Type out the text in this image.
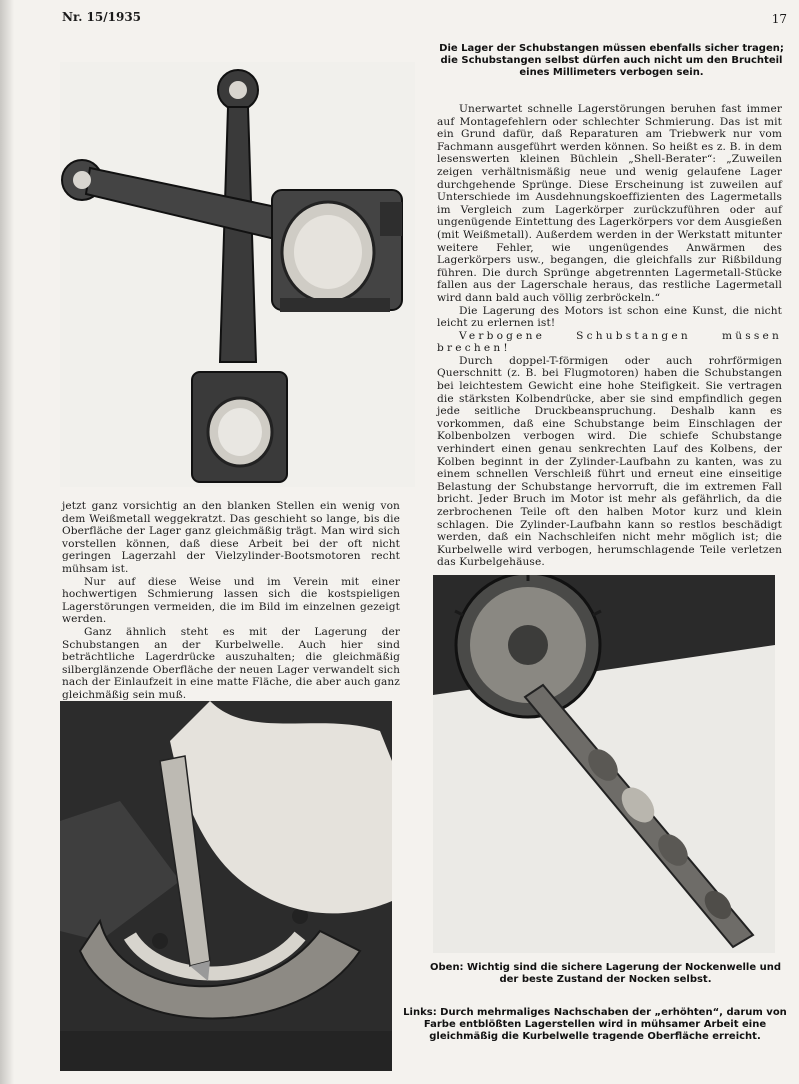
Nr. 15/1935	17
Die Lager der Schubstangen müssen ebenfalls sicher tragen; die Schubstangen selbst dürfen auch nicht um den Bruchteil eines Millimeters verbogen sein.

Unerwartet schnelle Lagerstörungen beruhen fast immer auf Montagefehlern oder schlechter Schmierung. Das ist mit ein Grund dafür, daß Reparaturen am Triebwerk nur vom Fachmann ausgeführt werden können. So heißt es z. B. in dem lesenswerten kleinen Büchlein „Shell-Berater“: „Zuweilen zeigen verhältnismäßig neue und wenig gelaufene Lager durchgehende Sprünge. Diese Erscheinung ist zuweilen auf Unterschiede im Ausdehnungskoeffizienten des Lagermetalls im Vergleich zum Lagerkörper zurückzuführen oder auf ungenügende Eintettung des Lagerkörpers vor dem Ausgießen (mit Weißmetall). Außerdem werden in der Werkstatt mitunter weitere Fehler, wie ungenügendes Anwärmen des Lagerkörpers usw., begangen, die gleichfalls zur Rißbildung führen. Die durch Sprünge abgetrennten Lagermetall-Stücke fallen aus der Lagerschale heraus, das restliche Lagermetall wird dann bald auch völlig zerbröckeln.“

Die Lagerung des Motors ist schon eine Kunst, die nicht leicht zu erlernen ist!

Verbogene Schubstangen müssen brechen!

Durch doppel-T-förmigen oder auch rohrförmigen Querschnitt (z. B. bei Flugmotoren) haben die Schubstangen bei leichtestem Gewicht eine hohe Steifigkeit. Sie vertragen die stärksten Kolbendrücke, aber sie sind empfindlich gegen jede seitliche Druckbeanspruchung. Deshalb kann es vorkommen, daß eine Schubstange beim Einschlagen der Kolbenbolzen verbogen wird. Die schiefe Schubstange verhindert einen genau senkrechten Lauf des Kolbens, der Kolben beginnt in der Zylinder-Laufbahn zu kanten, was zu einem schnellen Verschleiß führt und erneut eine einseitige Belastung der Schubstange hervorruft, die im extremen Fall bricht. Jeder Bruch im Motor ist mehr als gefährlich, da die zerbrochenen Teile oft den halben Motor kurz und klein schlagen. Die Zylinder-Laufbahn kann so restlos beschädigt werden, daß ein Nachschleifen nicht mehr möglich ist; die Kurbelwelle wird verbogen, herumschlagende Teile verletzen das Kurbelgehäuse.

jetzt ganz vorsichtig an den blanken Stellen ein wenig von dem Weißmetall weggekratzt. Das geschieht so lange, bis die Oberfläche der Lager ganz gleichmäßig trägt. Man wird sich vorstellen können, daß diese Arbeit bei der oft nicht geringen Lagerzahl der Vielzylinder-Bootsmotoren recht mühsam ist.

Nur auf diese Weise und im Verein mit einer hochwertigen Schmierung lassen sich die kostspieligen Lagerstörungen vermeiden, die im Bild im einzelnen gezeigt werden.

Ganz ähnlich steht es mit der Lagerung der Schubstangen an der Kurbelwelle. Auch hier sind beträchtliche Lagerdrücke auszuhalten; die gleichmäßig silberglänzende Oberfläche der neuen Lager verwandelt sich nach der Einlaufzeit in eine matte Fläche, die aber auch ganz gleichmäßig sein muß.

Oben: Wichtig sind die sichere Lagerung der Nockenwelle und der beste Zustand der Nocken selbst.
Links: Durch mehrmaliges Nachschaben der „erhöhten“, darum von Farbe entblößten Lagerstellen wird in mühsamer Arbeit eine gleichmäßig die Kurbelwelle tragende Oberfläche erreicht.
